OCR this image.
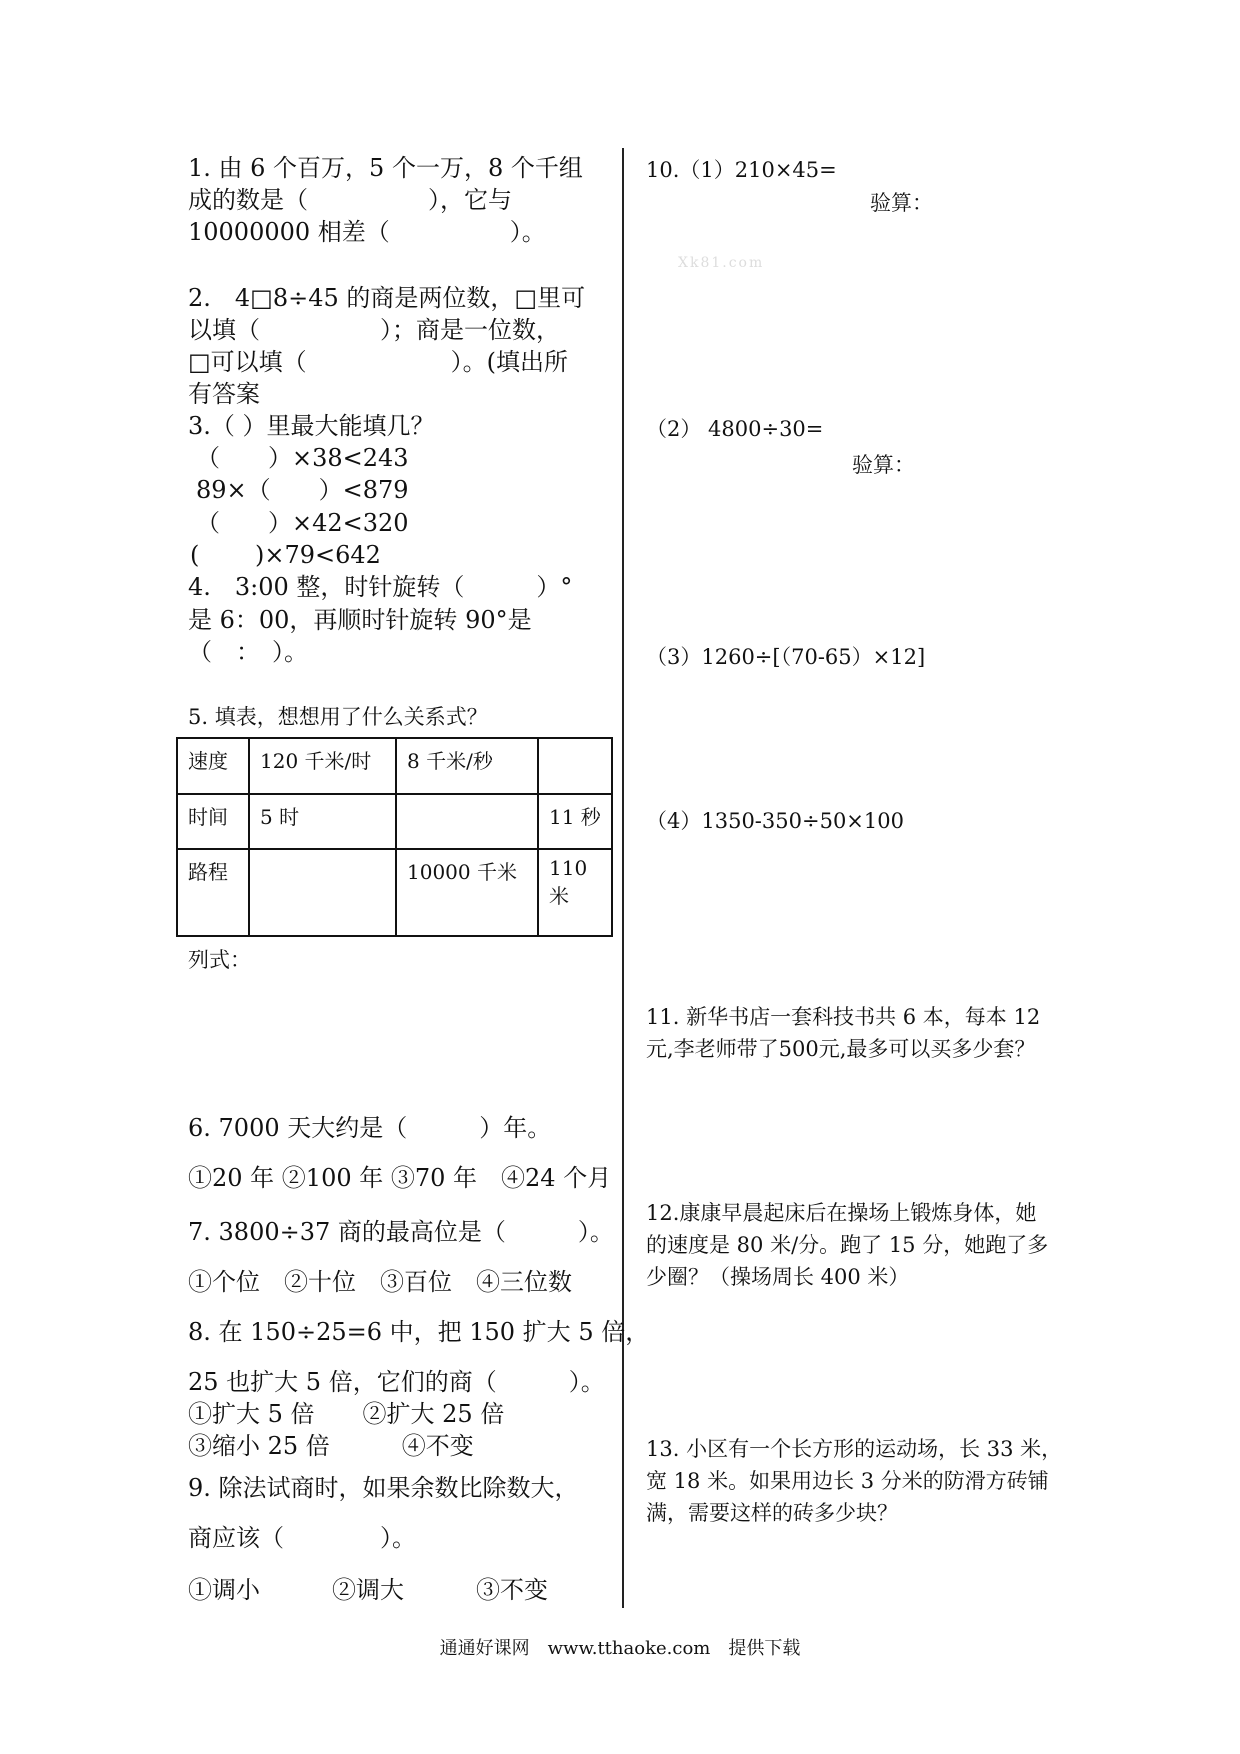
1. 由 6 个百万，5 个一万，8 个千组
成的数是（　　　　　），它与
10000000 相差（　　　　　）。
2.　4□8÷45 的商是两位数，□里可
以填（　　　　　）；商是一位数，
□可以填（　　　　　　）。(填出所
有答案
3.（ ）里最大能填几？
（　　）×38<243
89×（　　）<879
（　　）×42<320
(　　 )×79<642
4.　3:00 整，时针旋转（　　　）°
是 6：00，再顺时针旋转 90°是
（　：　）。
5. 填表，想想用了什么关系式？
速度	120 千米/时	8 千米/秒	
时间	5 时		11 秒
路程		10000 千米	110 米
列式：
6. 7000 天大约是（　　　）年。
①20 年 ②100 年 ③70 年　④24 个月
7. 3800÷37 商的最高位是（　　　）。
①个位　②十位　③百位　④三位数
8. 在 150÷25=6 中，把 150 扩大 5 倍，
25 也扩大 5 倍，它们的商（　　　）。
①扩大 5 倍　　②扩大 25 倍
③缩小 25 倍　　　④不变
9. 除法试商时，如果余数比除数大，
商应该（　　　　）。
①调小　　　②调大　　　③不变
10.（1）210×45=
验算：
Xk81.com
（2） 4800÷30=
验算：
（3）1260÷[（70-65）×12]
（4）1350-350÷50×100
11. 新华书店一套科技书共 6 本，每本 12
元,李老师带了500元,最多可以买多少套？
12.康康早晨起床后在操场上锻炼身体，她
的速度是 80 米/分。跑了 15 分，她跑了多
少圈？（操场周长 400 米）
13. 小区有一个长方形的运动场，长 33 米，
宽 18 米。如果用边长 3 分米的防滑方砖铺
满，需要这样的砖多少块？
通通好课网　www.tthaoke.com　提供下载
